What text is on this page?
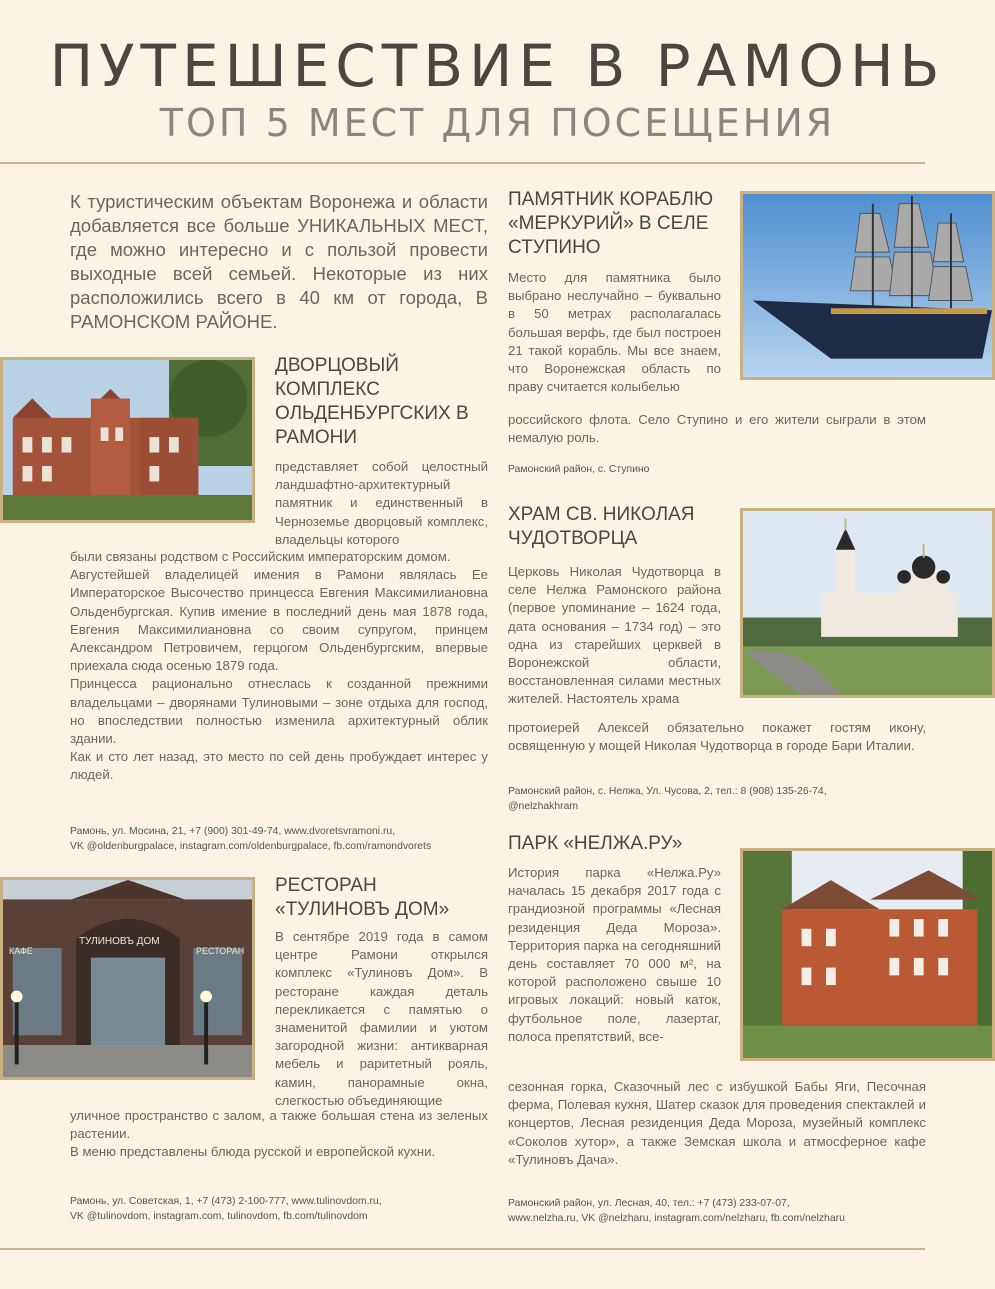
ПУТЕШЕСТВИЕ В РАМОНЬ
ТОП 5 МЕСТ ДЛЯ ПОСЕЩЕНИЯ
К туристическим объектам Воронежа и области добавляется все больше УНИКАЛЬНЫХ МЕСТ, где можно интересно и с пользой провести выходные всей семьей. Некоторые из них расположились всего в 40 км от города, В РАМОНСКОМ РАЙОНЕ.
ДВОРЦОВЫЙ КОМПЛЕКС ОЛЬДЕНБУРГСКИХ В РАМОНИ

представляет собой целостный ландшафтно-архитектурный памятник и единственный в Черноземье дворцовый комплекс, владельцы которого

были связаны родством с Российским императорским домом.

Августейшей владелицей имения в Рамони являлась Ее Императорское Высочество принцесса Евгения Максимилиановна Ольденбургская. Купив имение в последний день мая 1878 года, Евгения Максимилиановна со своим супругом, принцем Александром Петровичем, герцогом Ольденбургским, впервые приехала сюда осенью 1879 года.

Принцесса рационально отнеслась к созданной прежними владельцами – дворянами Тулиновыми – зоне отдыха для господ, но впоследствии полностью изменила архитектурный облик здании.

Как и сто лет назад, это место по сей день пробуждает интерес у людей.

Рамонь, ул. Мосина, 21, +7 (900) 301-49-74, www.dvoretsvramoni.ru,
VK @oldenburgpalace, instagram.com/oldenburgpalace, fb.com/ramondvorets
КАФЕ
ТУЛИНОВЪ ДОМ
РЕСТОРАН
РЕСТОРАН «ТУЛИНОВЪ ДОМ»

В сентябре 2019 года в самом центре Рамони открылся комплекс «Тулиновъ Дом». В ресторане каждая деталь перекликается с памятью о знаменитой фамилии и уютом загородной жизни: антикварная мебель и раритетный рояль, камин, панорамные окна, слегкостью объединяющие

уличное пространство с залом, а также большая стена из зеленых растении.

В меню представлены блюда русской и европейской кухни.

Рамонь, ул. Советская, 1, +7 (473) 2-100-777, www.tulinovdom.ru,
VK @tulinovdom, instagram.com, tulinovdom, fb.com/tulinovdom
ПАМЯТНИК КОРАБЛЮ «МЕРКУРИЙ» В СЕЛЕ СТУПИНО

Место для памятника было выбрано неслучайно – буквально в 50 метрах располагалась большая верфь, где был построен 21 такой корабль. Мы все знаем, что Воронежская область по праву считается колыбелью

российского флота. Село Ступино и его жители сыграли в этом немалую роль.

Рамонский район, с. Ступино
ХРАМ СВ. НИКОЛАЯ ЧУДОТВОРЦА

Церковь Николая Чудотворца в селе Нелжа Рамонского района (первое упоминание – 1624 года, дата основания – 1734 год) – это одна из старейших церквей в Воронежской области, восстановленная силами местных жителей. Настоятель храма

протоиерей Алексей обязательно покажет гостям икону, освященную у мощей Николая Чудотворца в городе Бари Италии.

Рамонский район, с. Нелжа, Ул. Чусова, 2, тел.: 8 (908) 135-26-74,
@nelzhakhram
ПАРК «НЕЛЖА.РУ»

История парка «Нелжа.Ру» началась 15 декабря 2017 года с грандиозной программы «Лесная резиденция Деда Мороза». Территория парка на сегодняшний день составляет 70 000 м², на которой расположено свыше 10 игровых локаций: новый каток, футбольное поле, лазертаг, полоса препятствий, все-

сезонная горка, Сказочный лес с избушкой Бабы Яги, Песочная ферма, Полевая кухня, Шатер сказок для проведения спектаклей и концертов, Лесная резиденция Деда Мороза, музейный комплекс «Соколов хутор», а также Земская школа и атмосферное кафе «Тулиновъ Дача».

Рамонский район, ул. Лесная, 40, тел.: +7 (473) 233-07-07,
www.nelzha.ru, VK @nelzharu, instagram.com/nelzharu, fb.com/nelzharu
